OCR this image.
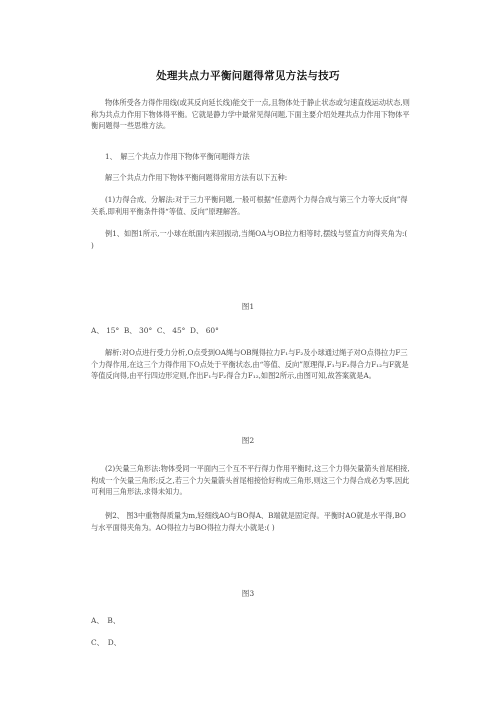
处理共点力平衡问题得常见方法与技巧

物体所受各力得作用线(或其反向延长线)能交于一点,且物体处于静止状态或匀速直线运动状态,则称为共点力作用下物体得平衡。它就是静力学中最常见得问题,下面主要介绍处理共点力作用下物体平衡问题得一些思维方法。

1、　解三个共点力作用下物体平衡问题得方法

解三个共点力作用下物体平衡问题得常用方法有以下五种:

(1)力得合成、分解法:对于三力平衡问题,一般可根据“任意两个力得合成与第三个力等大反向”得关系,即利用平衡条件得“等值、反向”原理解答。

例1、如图1所示,一小球在纸面内来回振动,当绳OA与OB拉力相等时,摆线与竖直方向得夹角为:( )

图1
A、 15°  B、 30°  C、 45°  D、 60°

解析:对O点进行受力分析,O点受到OA绳与OB绳得拉力F₁与F₂及小球通过绳子对O点得拉力F三个力得作用,在这三个力得作用下O点处于平衡状态,由“等值、反向”原理得,F₁与F₂得合力F₁₂与F就是等值反向得,由平行四边形定则,作出F₁与F₂得合力F₁₂,如图2所示,由图可知,故答案就是A。

图2

(2)矢量三角形法:物体受同一平面内三个互不平行得力作用平衡时,这三个力得矢量箭头首尾相接,构成一个矢量三角形;反之,若三个力矢量箭头首尾相接恰好构成三角形,则这三个力得合成必为零,因此可利用三角形法,求得未知力。

例2、 图3中重物得质量为m,轻细线AO与BO得A、B端就是固定得。平衡时AO就是水平得,BO与水平面得夹角为。AO得拉力与BO得拉力得大小就是:( )

图3
A、　B、
C、　D、
